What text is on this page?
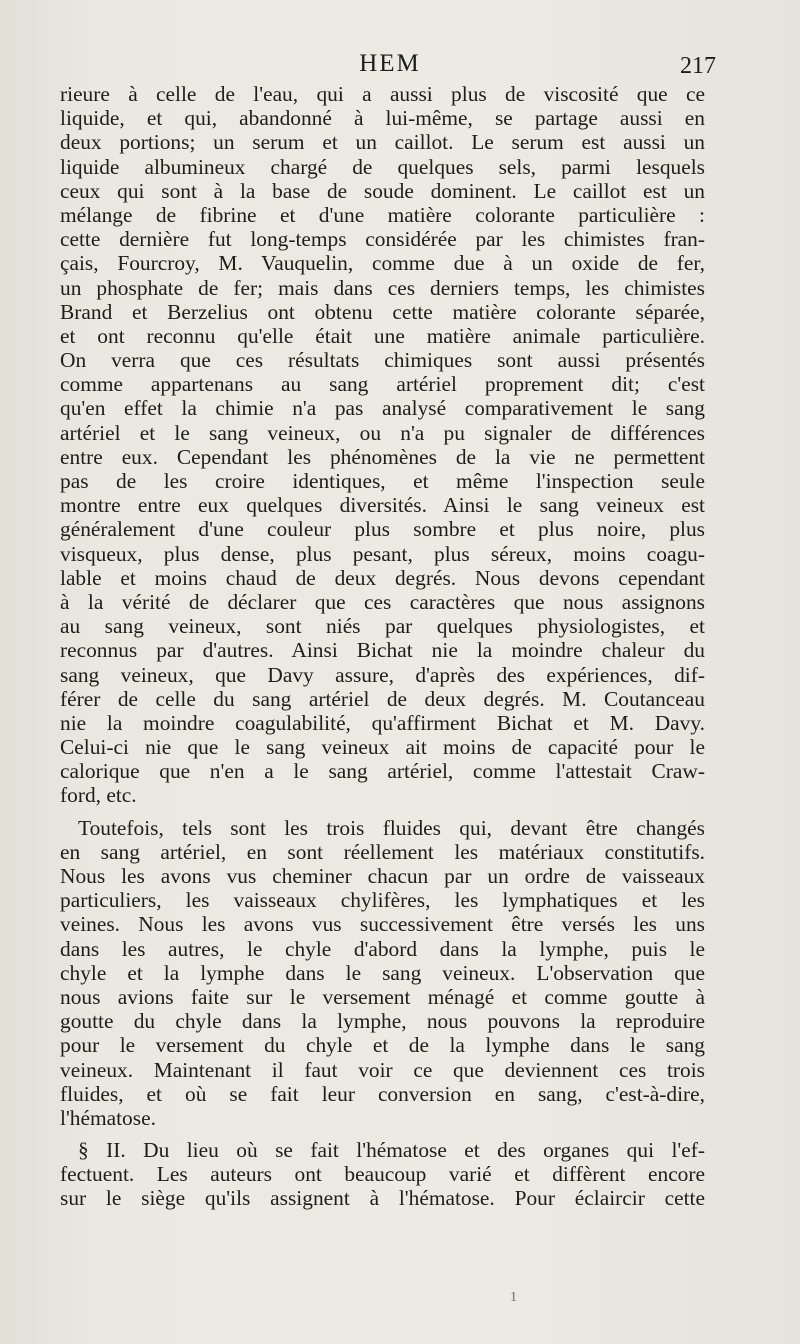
HEM	217
rieure à celle de l'eau, qui a aussi plus de viscosité que ce
liquide, et qui, abandonné à lui-même, se partage aussi en
deux portions; un serum et un caillot. Le serum est aussi un
liquide albumineux chargé de quelques sels, parmi lesquels
ceux qui sont à la base de soude dominent. Le caillot est un
mélange de fibrine et d'une matière colorante particulière :
cette dernière fut long-temps considérée par les chimistes fran-
çais, Fourcroy, M. Vauquelin, comme due à un oxide de fer,
un phosphate de fer; mais dans ces derniers temps, les chimistes
Brand et Berzelius ont obtenu cette matière colorante séparée,
et ont reconnu qu'elle était une matière animale particulière.
On verra que ces résultats chimiques sont aussi présentés
comme appartenans au sang artériel proprement dit; c'est
qu'en effet la chimie n'a pas analysé comparativement le sang
artériel et le sang veineux, ou n'a pu signaler de différences
entre eux. Cependant les phénomènes de la vie ne permettent
pas de les croire identiques, et même l'inspection seule
montre entre eux quelques diversités. Ainsi le sang veineux est
généralement d'une couleur plus sombre et plus noire, plus
visqueux, plus dense, plus pesant, plus séreux, moins coagu-
lable et moins chaud de deux degrés. Nous devons cependant
à la vérité de déclarer que ces caractères que nous assignons
au sang veineux, sont niés par quelques physiologistes, et
reconnus par d'autres. Ainsi Bichat nie la moindre chaleur du
sang veineux, que Davy assure, d'après des expériences, dif-
férer de celle du sang artériel de deux degrés. M. Coutanceau
nie la moindre coagulabilité, qu'affirment Bichat et M. Davy.
Celui-ci nie que le sang veineux ait moins de capacité pour le
calorique que n'en a le sang artériel, comme l'attestait Craw-
ford, etc.
Toutefois, tels sont les trois fluides qui, devant être changés
en sang artériel, en sont réellement les matériaux constitutifs.
Nous les avons vus cheminer chacun par un ordre de vaisseaux
particuliers, les vaisseaux chylifères, les lymphatiques et les
veines. Nous les avons vus successivement être versés les uns
dans les autres, le chyle d'abord dans la lymphe, puis le
chyle et la lymphe dans le sang veineux. L'observation que
nous avions faite sur le versement ménagé et comme goutte à
goutte du chyle dans la lymphe, nous pouvons la reproduire
pour le versement du chyle et de la lymphe dans le sang
veineux. Maintenant il faut voir ce que deviennent ces trois
fluides, et où se fait leur conversion en sang, c'est-à-dire,
l'hématose.
§ II. Du lieu où se fait l'hématose et des organes qui l'ef-
fectuent. Les auteurs ont beaucoup varié et diffèrent encore
sur le siège qu'ils assignent à l'hématose. Pour éclaircir cette
1
